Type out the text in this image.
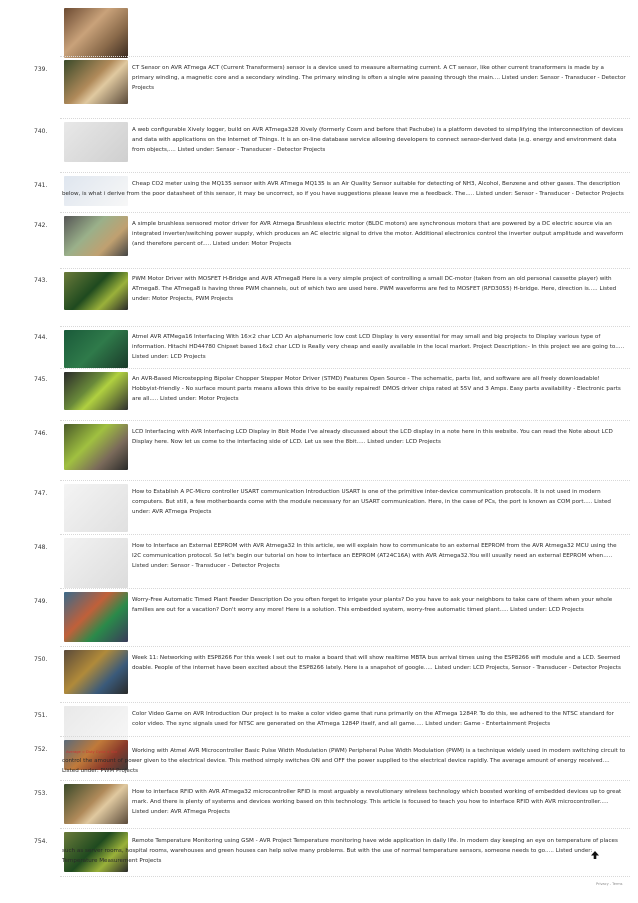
739.	CT Sensor on AVR ATmega ACT (Current Transformers) sensor is a device used to measure alternating current. A CT sensor, like other current transformers is made by a primary winding, a magnetic core and a secondary winding. The primary winding is often a single wire passing through the main.... Listed under: Sensor - Transducer - Detector Projects
740.	A web configurable Xively logger, build on AVR ATmega328 Xively (formerly Cosm and before that Pachube) is a platform devoted to simplifying the interconnection of devices and data with applications on the Internet of Things. It is an on-line database service allowing developers to connect sensor-derived data (e.g. energy and environment data from objects,.... Listed under: Sensor - Transducer - Detector Projects
741.	Cheap CO2 meter using the MQ135 sensor with AVR ATmega MQ135 is an Air Quality Sensor suitable for detecting of NH3, Alcohol, Benzene and other gases. The description below, is what i derive from the poor datasheet of this sensor, it may be uncorrect, so if you have suggestions please leave me a feedback. The..... Listed under: Sensor - Transducer - Detector Projects
742.	A simple brushless sensored motor driver for AVR Atmega Brushless electric motor (BLDC motors) are synchronous motors that are powered by a DC electric source via an integrated inverter/switching power supply, which produces an AC electric signal to drive the motor. Additional electronics control the inverter output amplitude and waveform (and therefore percent of..... Listed under: Motor Projects
743.	PWM Motor Driver with MOSFET H-Bridge and AVR ATmega8 Here is a very simple project of controlling a small DC-motor (taken from an old personal cassette player) with ATmega8. The ATmega8 is having three PWM channels, out of which two are used here. PWM waveforms are fed to MOSFET (RFD3055) H-bridge. Here, direction is..... Listed under: Motor Projects, PWM Projects
744.	Atmel AVR ATMega16 Interfacing With 16×2 char LCD An alphanumeric low cost LCD Display is very essential for may small and big projects to Display various type of information. Hitachi HD44780 Chipset based 16x2 char LCD is Really very cheap and easily available in the local market. Project Description:- In this project we are going to..... Listed under: LCD Projects
745.	An AVR-Based Microstepping Bipolar Chopper Stepper Motor Driver (STMD) Features Open Source - The schematic, parts list, and software are all freely downloadable! Hobbyist-friendly - No surface mount parts means allows this drive to be easily repaired! DMOS driver chips rated at 55V and 3 Amps. Easy parts availability - Electronic parts are all..... Listed under: Motor Projects
746.	LCD Interfacing with AVR Interfacing LCD Display in 8bit Mode I've already discussed about the LCD display in a note here in this website. You can read the Note about LCD Display here. Now let us come to the interfacing side of LCD. Let us see the 8bit..... Listed under: LCD Projects
747.	How to Establish A PC-Micro controller USART communication Introduction USART is one of the primitive inter-device communication protocols. It is not used in modern computers. But still, a few motherboards come with the module necessary for an USART communication. Here, in the case of PCs, the port is known as COM port..... Listed under: AVR ATmega Projects
748.	How to Interface an External EEPROM with AVR Atmega32 In this article, we will explain how to communicate to an external EEPROM from the AVR Atmega32 MCU using the I2C communication protocol. So let's begin our tutorial on how to interface an EEPROM (AT24C16A) with AVR Atmega32.You will usually need an external EEPROM when..... Listed under: Sensor - Transducer - Detector Projects
749.	Worry-Free Automatic Timed Plant Feeder Description Do you often forget to irrigate your plants? Do you have to ask your neighbors to take care of them when your whole families are out for a vacation? Don't worry any more! Here is a solution. This embedded system, worry-free automatic timed plant..... Listed under: LCD Projects
750.	Week 11: Networking with ESP8266 For this week I set out to make a board that will show realtime MBTA bus arrival times using the ESP8266 wifi module and a LCD. Seemed doable. People of the internet have been excited about the ESP8266 lately. Here is a snapshot of google..... Listed under: LCD Projects, Sensor - Transducer - Detector Projects
751.	Color Video Game on AVR Introduction Our project is to make a color video game that runs primarily on the ATmega 1284P. To do this, we adhered to the NTSC standard for color video. The sync signals used for NTSC are generated on the ATmega 1284P itself, and all game..... Listed under: Game - Entertainment Projects
Average = Duty Cycle × Vcc
752.	Working with Atmel AVR Microcontroller Basic Pulse Width Modulation (PWM) Peripheral Pulse Width Modulation (PWM) is a technique widely used in modern switching circuit to control the amount of power given to the electrical device. This method simply switches ON and OFF the power supplied to the electrical device rapidly. The average amount of energy received.... Listed under: PWM Projects
753.	How to interface RFID with AVR ATmega32 microcontroller RFID is most arguably a revolutionary wireless technology which boosted working of embedded devices up to great mark. And there is plenty of systems and devices working based on this technology. This article is focused to teach you how to interface RFID with AVR microcontroller..... Listed under: AVR ATmega Projects
754.	Remote Temperature Monitoring using GSM - AVR Project Temperature monitoring have wide application in daily life. In modern day keeping an eye on temperature of places such as server rooms, hospital rooms, warehouses and green houses can help solve many problems. But with the use of normal temperature sensors, someone needs to go..... Listed under: Temperature Measurement Projects
Privacy - Terms
